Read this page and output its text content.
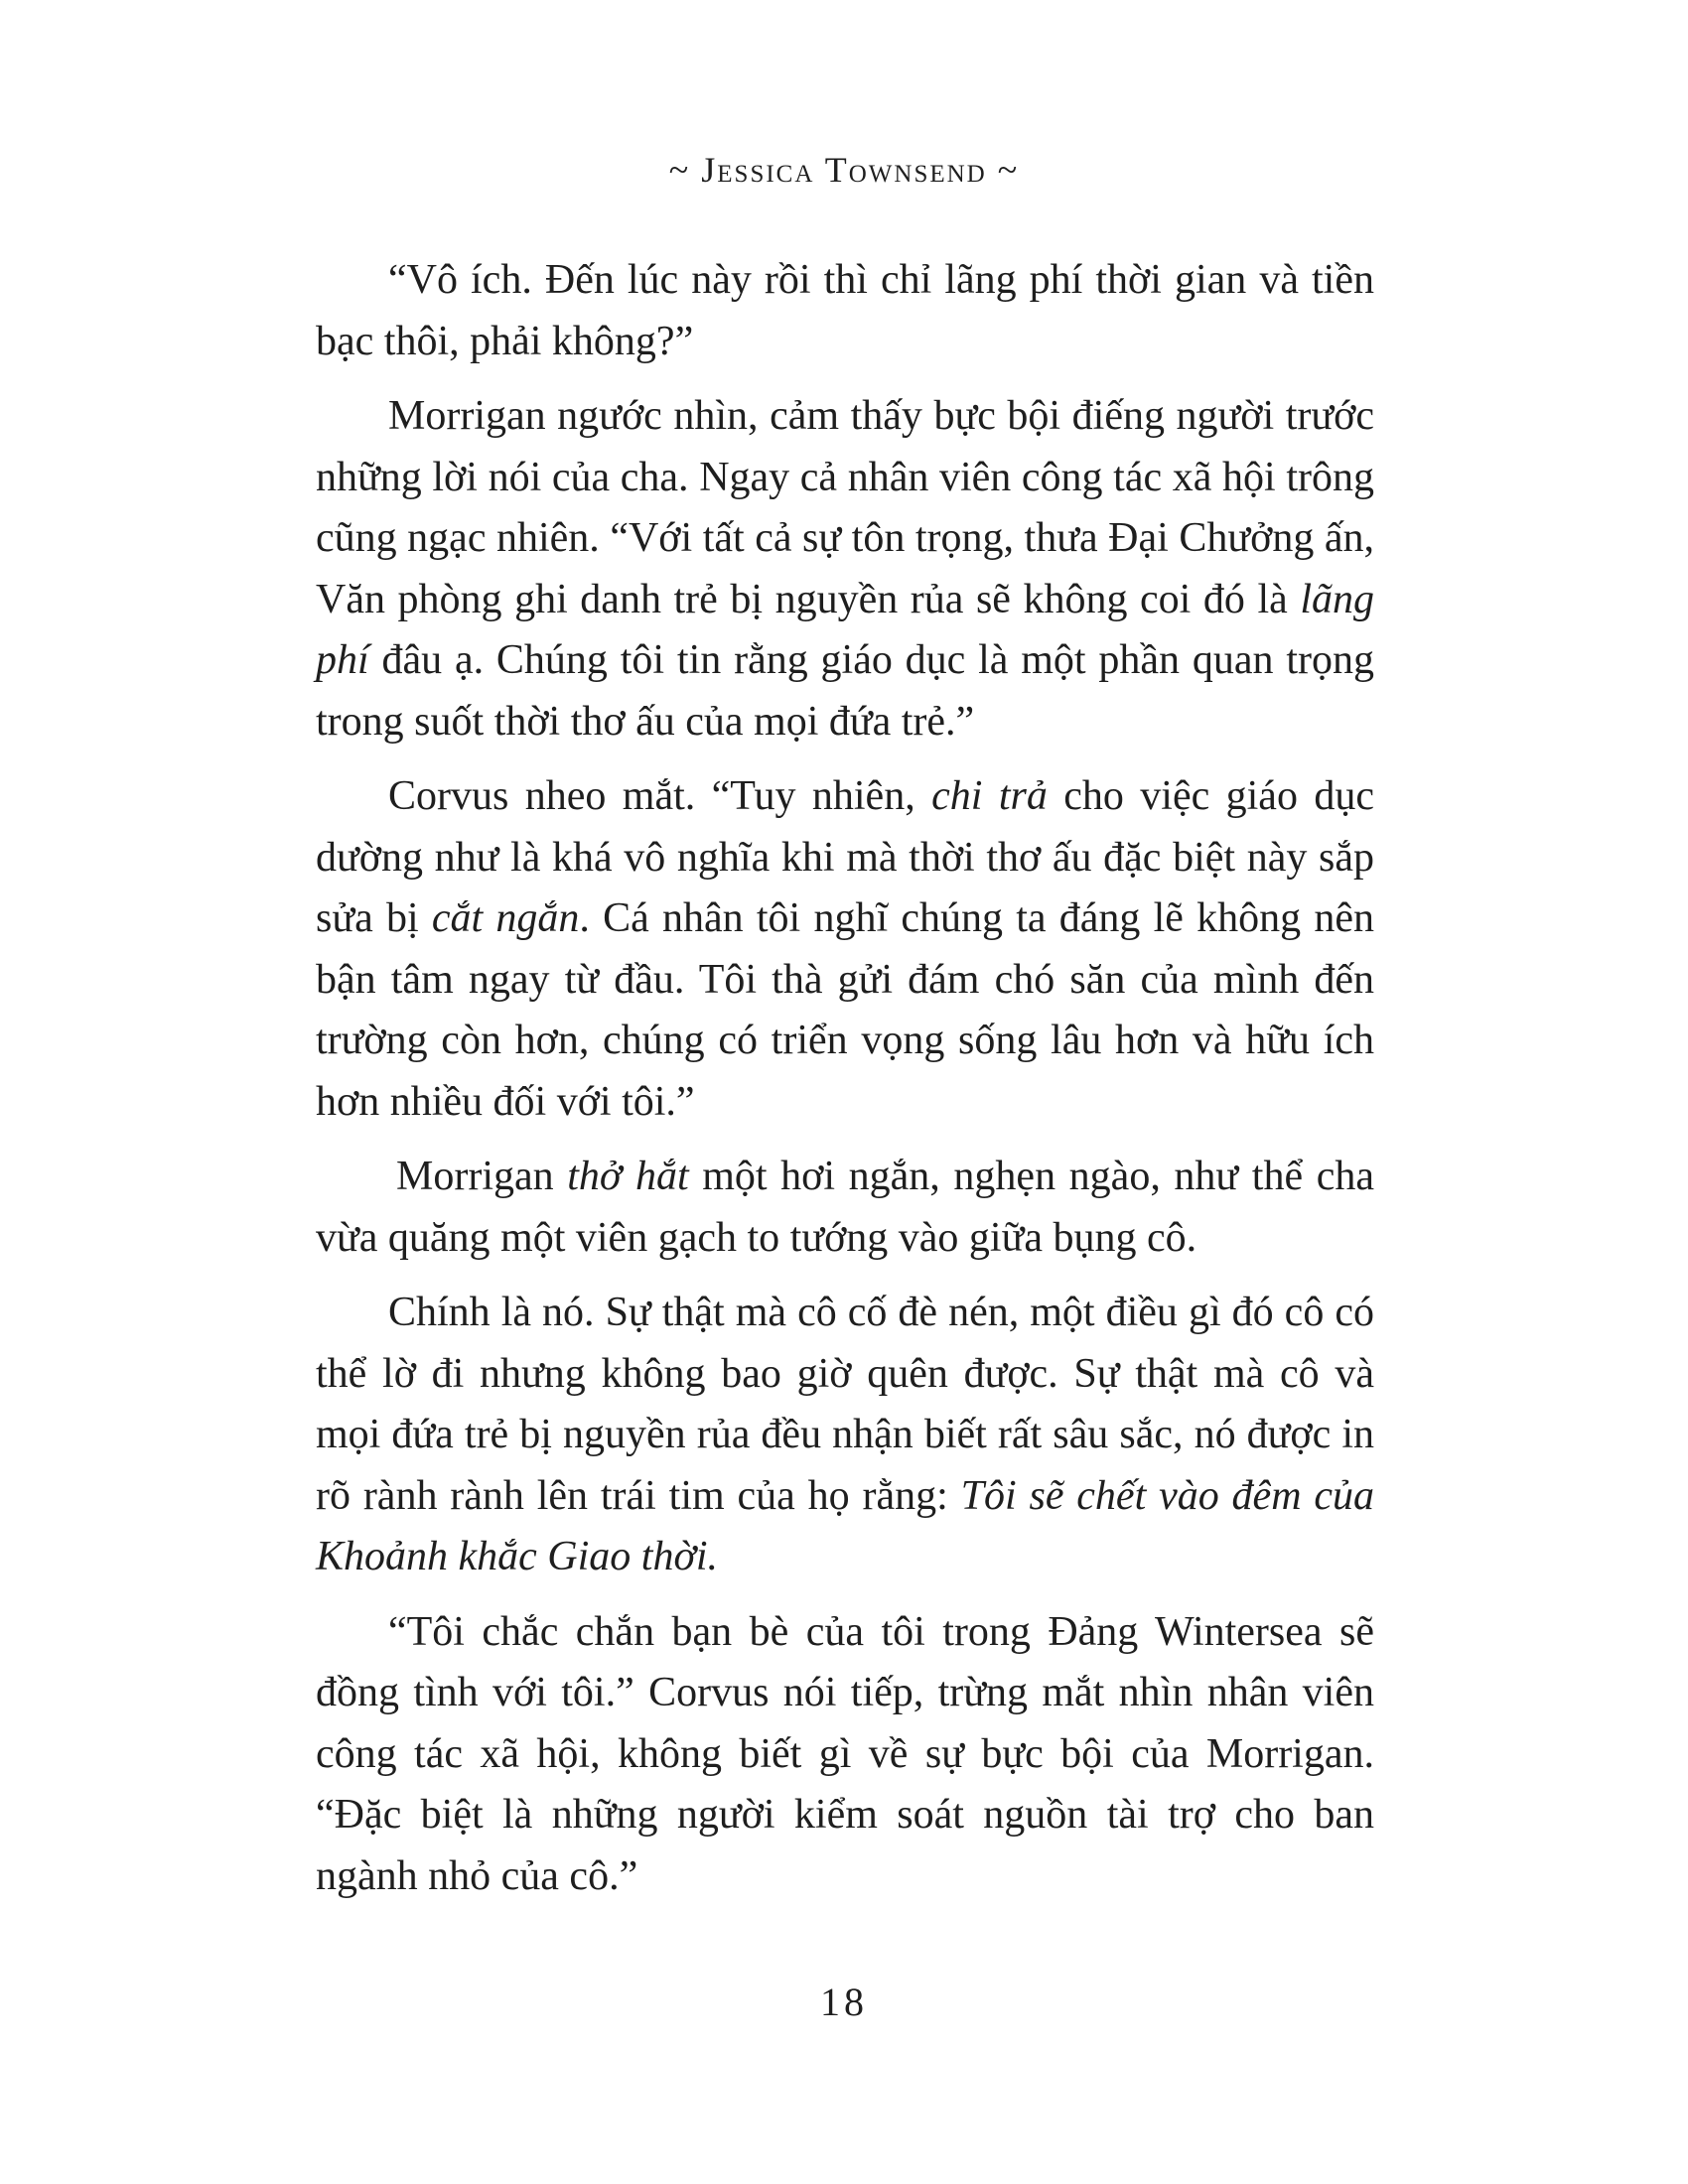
~ Jessica Townsend ~

“Vô ích. Đến lúc này rồi thì chỉ lãng phí thời gian và tiền bạc thôi, phải không?”

Morrigan ngước nhìn, cảm thấy bực bội điếng người trước những lời nói của cha. Ngay cả nhân viên công tác xã hội trông cũng ngạc nhiên. “Với tất cả sự tôn trọng, thưa Đại Chưởng ấn, Văn phòng ghi danh trẻ bị nguyền rủa sẽ không coi đó là lãng phí đâu ạ. Chúng tôi tin rằng giáo dục là một phần quan trọng trong suốt thời thơ ấu của mọi đứa trẻ.”

Corvus nheo mắt. “Tuy nhiên, chi trả cho việc giáo dục dường như là khá vô nghĩa khi mà thời thơ ấu đặc biệt này sắp sửa bị cắt ngắn. Cá nhân tôi nghĩ chúng ta đáng lẽ không nên bận tâm ngay từ đầu. Tôi thà gửi đám chó săn của mình đến trường còn hơn, chúng có triển vọng sống lâu hơn và hữu ích hơn nhiều đối với tôi.”

Morrigan thở hắt một hơi ngắn, nghẹn ngào, như thể cha vừa quăng một viên gạch to tướng vào giữa bụng cô.

Chính là nó. Sự thật mà cô cố đè nén, một điều gì đó cô có thể lờ đi nhưng không bao giờ quên được. Sự thật mà cô và mọi đứa trẻ bị nguyền rủa đều nhận biết rất sâu sắc, nó được in rõ rành rành lên trái tim của họ rằng: Tôi sẽ chết vào đêm của Khoảnh khắc Giao thời.

“Tôi chắc chắn bạn bè của tôi trong Đảng Wintersea sẽ đồng tình với tôi.” Corvus nói tiếp, trừng mắt nhìn nhân viên công tác xã hội, không biết gì về sự bực bội của Morrigan. “Đặc biệt là những người kiểm soát nguồn tài trợ cho ban ngành nhỏ của cô.”

18
